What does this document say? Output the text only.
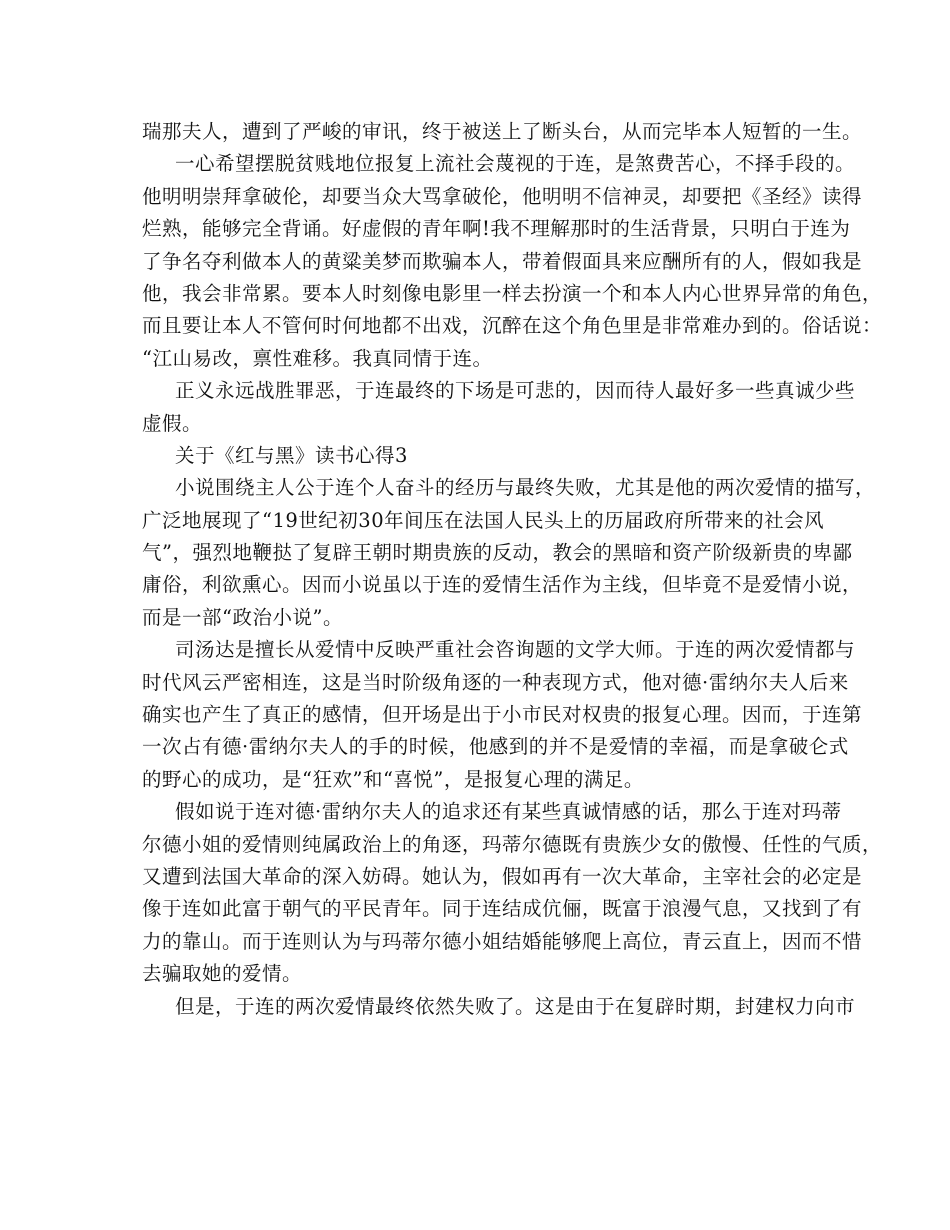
瑞那夫人，遭到了严峻的审讯，终于被送上了断头台，从而完毕本人短暂的一生。
一心希望摆脱贫贱地位报复上流社会蔑视的于连，是煞费苦心，不择手段的。
他明明崇拜拿破伦，却要当众大骂拿破伦，他明明不信神灵，却要把《圣经》读得
烂熟，能够完全背诵。好虚假的青年啊!我不理解那时的生活背景，只明白于连为
了争名夺利做本人的黄粱美梦而欺骗本人，带着假面具来应酬所有的人，假如我是
他，我会非常累。要本人时刻像电影里一样去扮演一个和本人内心世界异常的角色，
而且要让本人不管何时何地都不出戏，沉醉在这个角色里是非常难办到的。俗话说：
“江山易改，禀性难移。我真同情于连。
正义永远战胜罪恶，于连最终的下场是可悲的，因而待人最好多一些真诚少些
虚假。
关于《红与黑》读书心得3
小说围绕主人公于连个人奋斗的经历与最终失败，尤其是他的两次爱情的描写，
广泛地展现了“19世纪初30年间压在法国人民头上的历届政府所带来的社会风
气”，强烈地鞭挞了复辟王朝时期贵族的反动，教会的黑暗和资产阶级新贵的卑鄙
庸俗，利欲熏心。因而小说虽以于连的爱情生活作为主线，但毕竟不是爱情小说，
而是一部“政治小说”。
司汤达是擅长从爱情中反映严重社会咨询题的文学大师。于连的两次爱情都与
时代风云严密相连，这是当时阶级角逐的一种表现方式，他对德·雷纳尔夫人后来
确实也产生了真正的感情，但开场是出于小市民对权贵的报复心理。因而，于连第
一次占有德·雷纳尔夫人的手的时候，他感到的并不是爱情的幸福，而是拿破仑式
的野心的成功，是“狂欢”和“喜悦”，是报复心理的满足。
假如说于连对德·雷纳尔夫人的追求还有某些真诚情感的话，那么于连对玛蒂
尔德小姐的爱情则纯属政治上的角逐，玛蒂尔德既有贵族少女的傲慢、任性的气质，
又遭到法国大革命的深入妨碍。她认为，假如再有一次大革命，主宰社会的必定是
像于连如此富于朝气的平民青年。同于连结成伉俪，既富于浪漫气息，又找到了有
力的靠山。而于连则认为与玛蒂尔德小姐结婚能够爬上高位，青云直上，因而不惜
去骗取她的爱情。
但是，于连的两次爱情最终依然失败了。这是由于在复辟时期，封建权力向市
